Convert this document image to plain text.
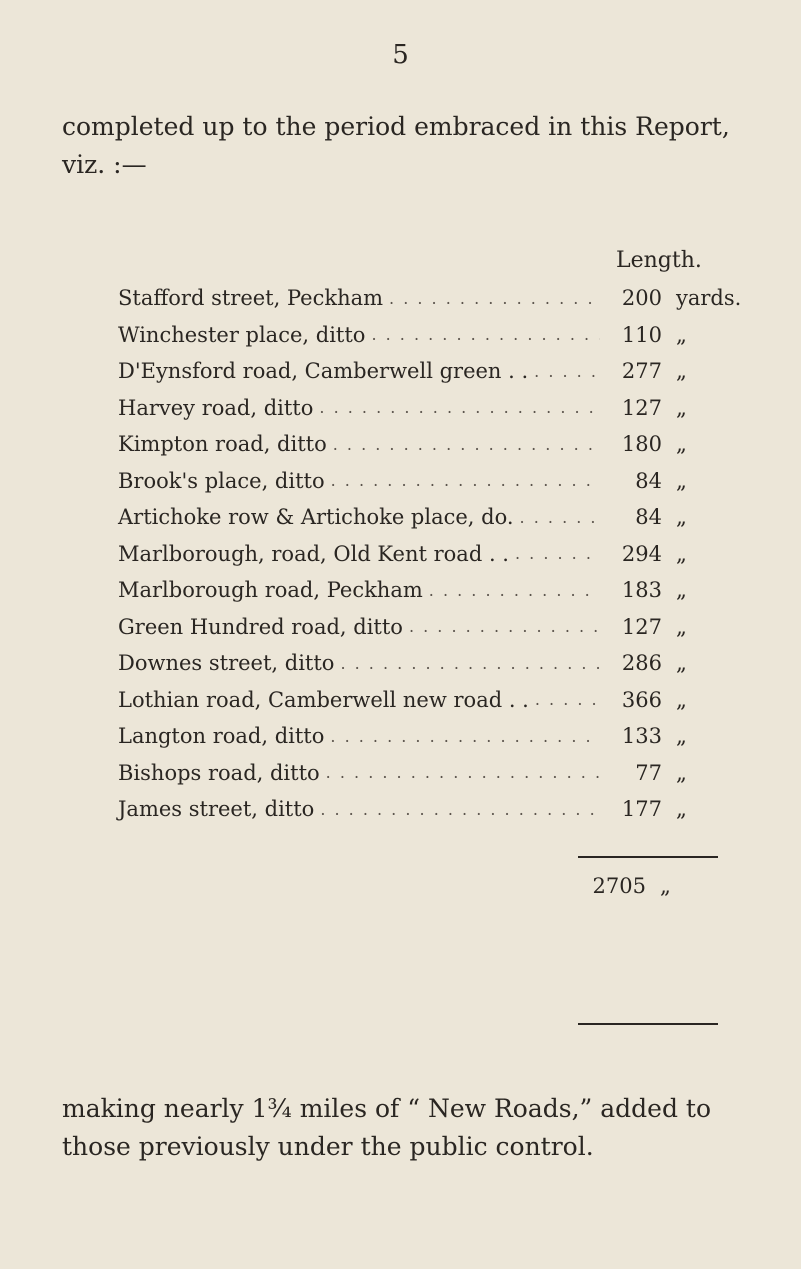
5
completed up to the period embraced in this Report,
viz. :—
Length.
Stafford street, Peckham . . .	200 yards.
Winchester place, ditto . . .	110 „
D'Eynsford road, Camberwell green . . . . .	277 „
Harvey road, ditto . . .	127 „
Kimpton road, ditto . . .	180 „
Brook's place, ditto . . .	84 „
Artichoke row & Artichoke place, do. . . .	84 „
Marlborough, road, Old Kent road . . . . .	294 „
Marlborough road, Peckham . . .	183 „
Green Hundred road, ditto . . .	127 „
Downes street, ditto . . .	286 „
Lothian road, Camberwell new road . . . . .	366 „
Langton road, ditto . . .	133 „
Bishops road, ditto . . .	77 „
James street, ditto . . .	177 „
2705 „
making nearly 1¾ miles of “ New Roads,” added to
those previously under the public control.
